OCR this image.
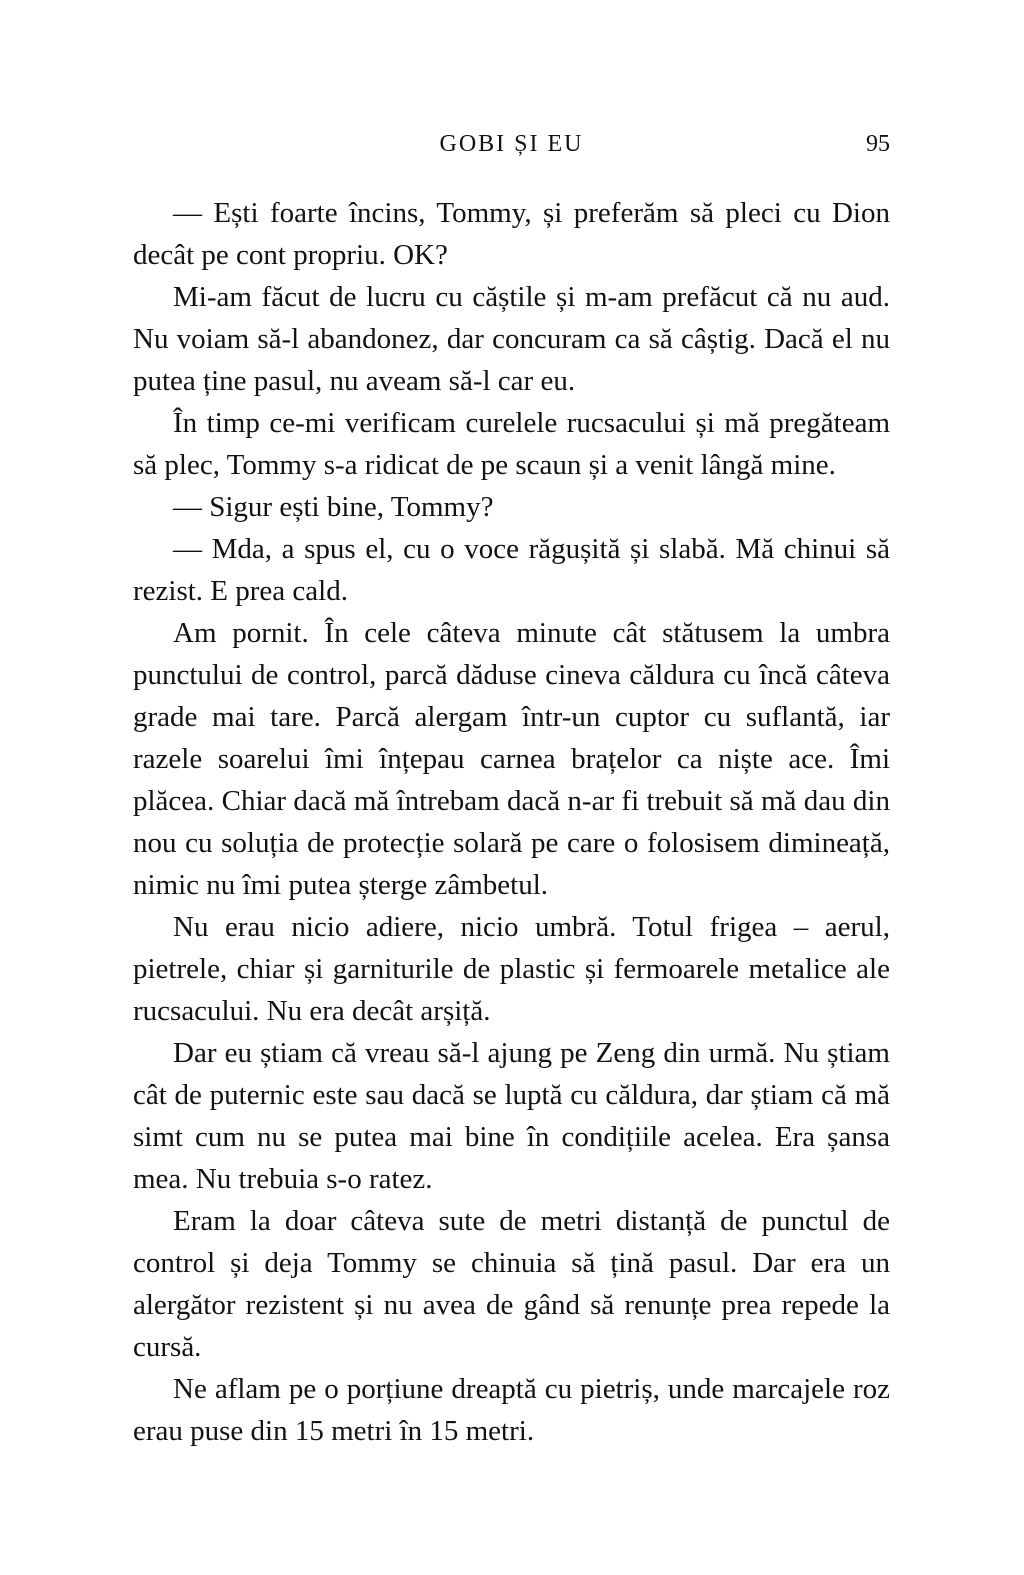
GOBI ȘI EU	95

— Ești foarte încins, Tommy, și preferăm să pleci cu Dion decât pe cont propriu. OK?

Mi-am făcut de lucru cu căștile și m-am prefăcut că nu aud. Nu voiam să-l abandonez, dar concuram ca să câștig. Dacă el nu putea ține pasul, nu aveam să-l car eu.

În timp ce-mi verificam curelele rucsacului și mă pregăteam să plec, Tommy s-a ridicat de pe scaun și a venit lângă mine.

— Sigur ești bine, Tommy?

— Mda, a spus el, cu o voce răgușită și slabă. Mă chinui să rezist. E prea cald.

Am pornit. În cele câteva minute cât stătusem la umbra punctului de control, parcă dăduse cineva căldura cu încă câteva grade mai tare. Parcă alergam într-un cuptor cu suflantă, iar razele soarelui îmi înțepau carnea brațelor ca niște ace. Îmi plăcea. Chiar dacă mă întrebam dacă n-ar fi trebuit să mă dau din nou cu soluția de protecție solară pe care o folosisem dimineață, nimic nu îmi putea șterge zâmbetul.

Nu erau nicio adiere, nicio umbră. Totul frigea – aerul, pietrele, chiar și garniturile de plastic și fermoarele metalice ale rucsacului. Nu era decât arșiță.

Dar eu știam că vreau să-l ajung pe Zeng din urmă. Nu știam cât de puternic este sau dacă se luptă cu căldura, dar știam că mă simt cum nu se putea mai bine în condițiile acelea. Era șansa mea. Nu trebuia s-o ratez.

Eram la doar câteva sute de metri distanță de punctul de control și deja Tommy se chinuia să țină pasul. Dar era un alergător rezistent și nu avea de gând să renunțe prea repede la cursă.

Ne aflam pe o porțiune dreaptă cu pietriș, unde marcajele roz erau puse din 15 metri în 15 metri.
